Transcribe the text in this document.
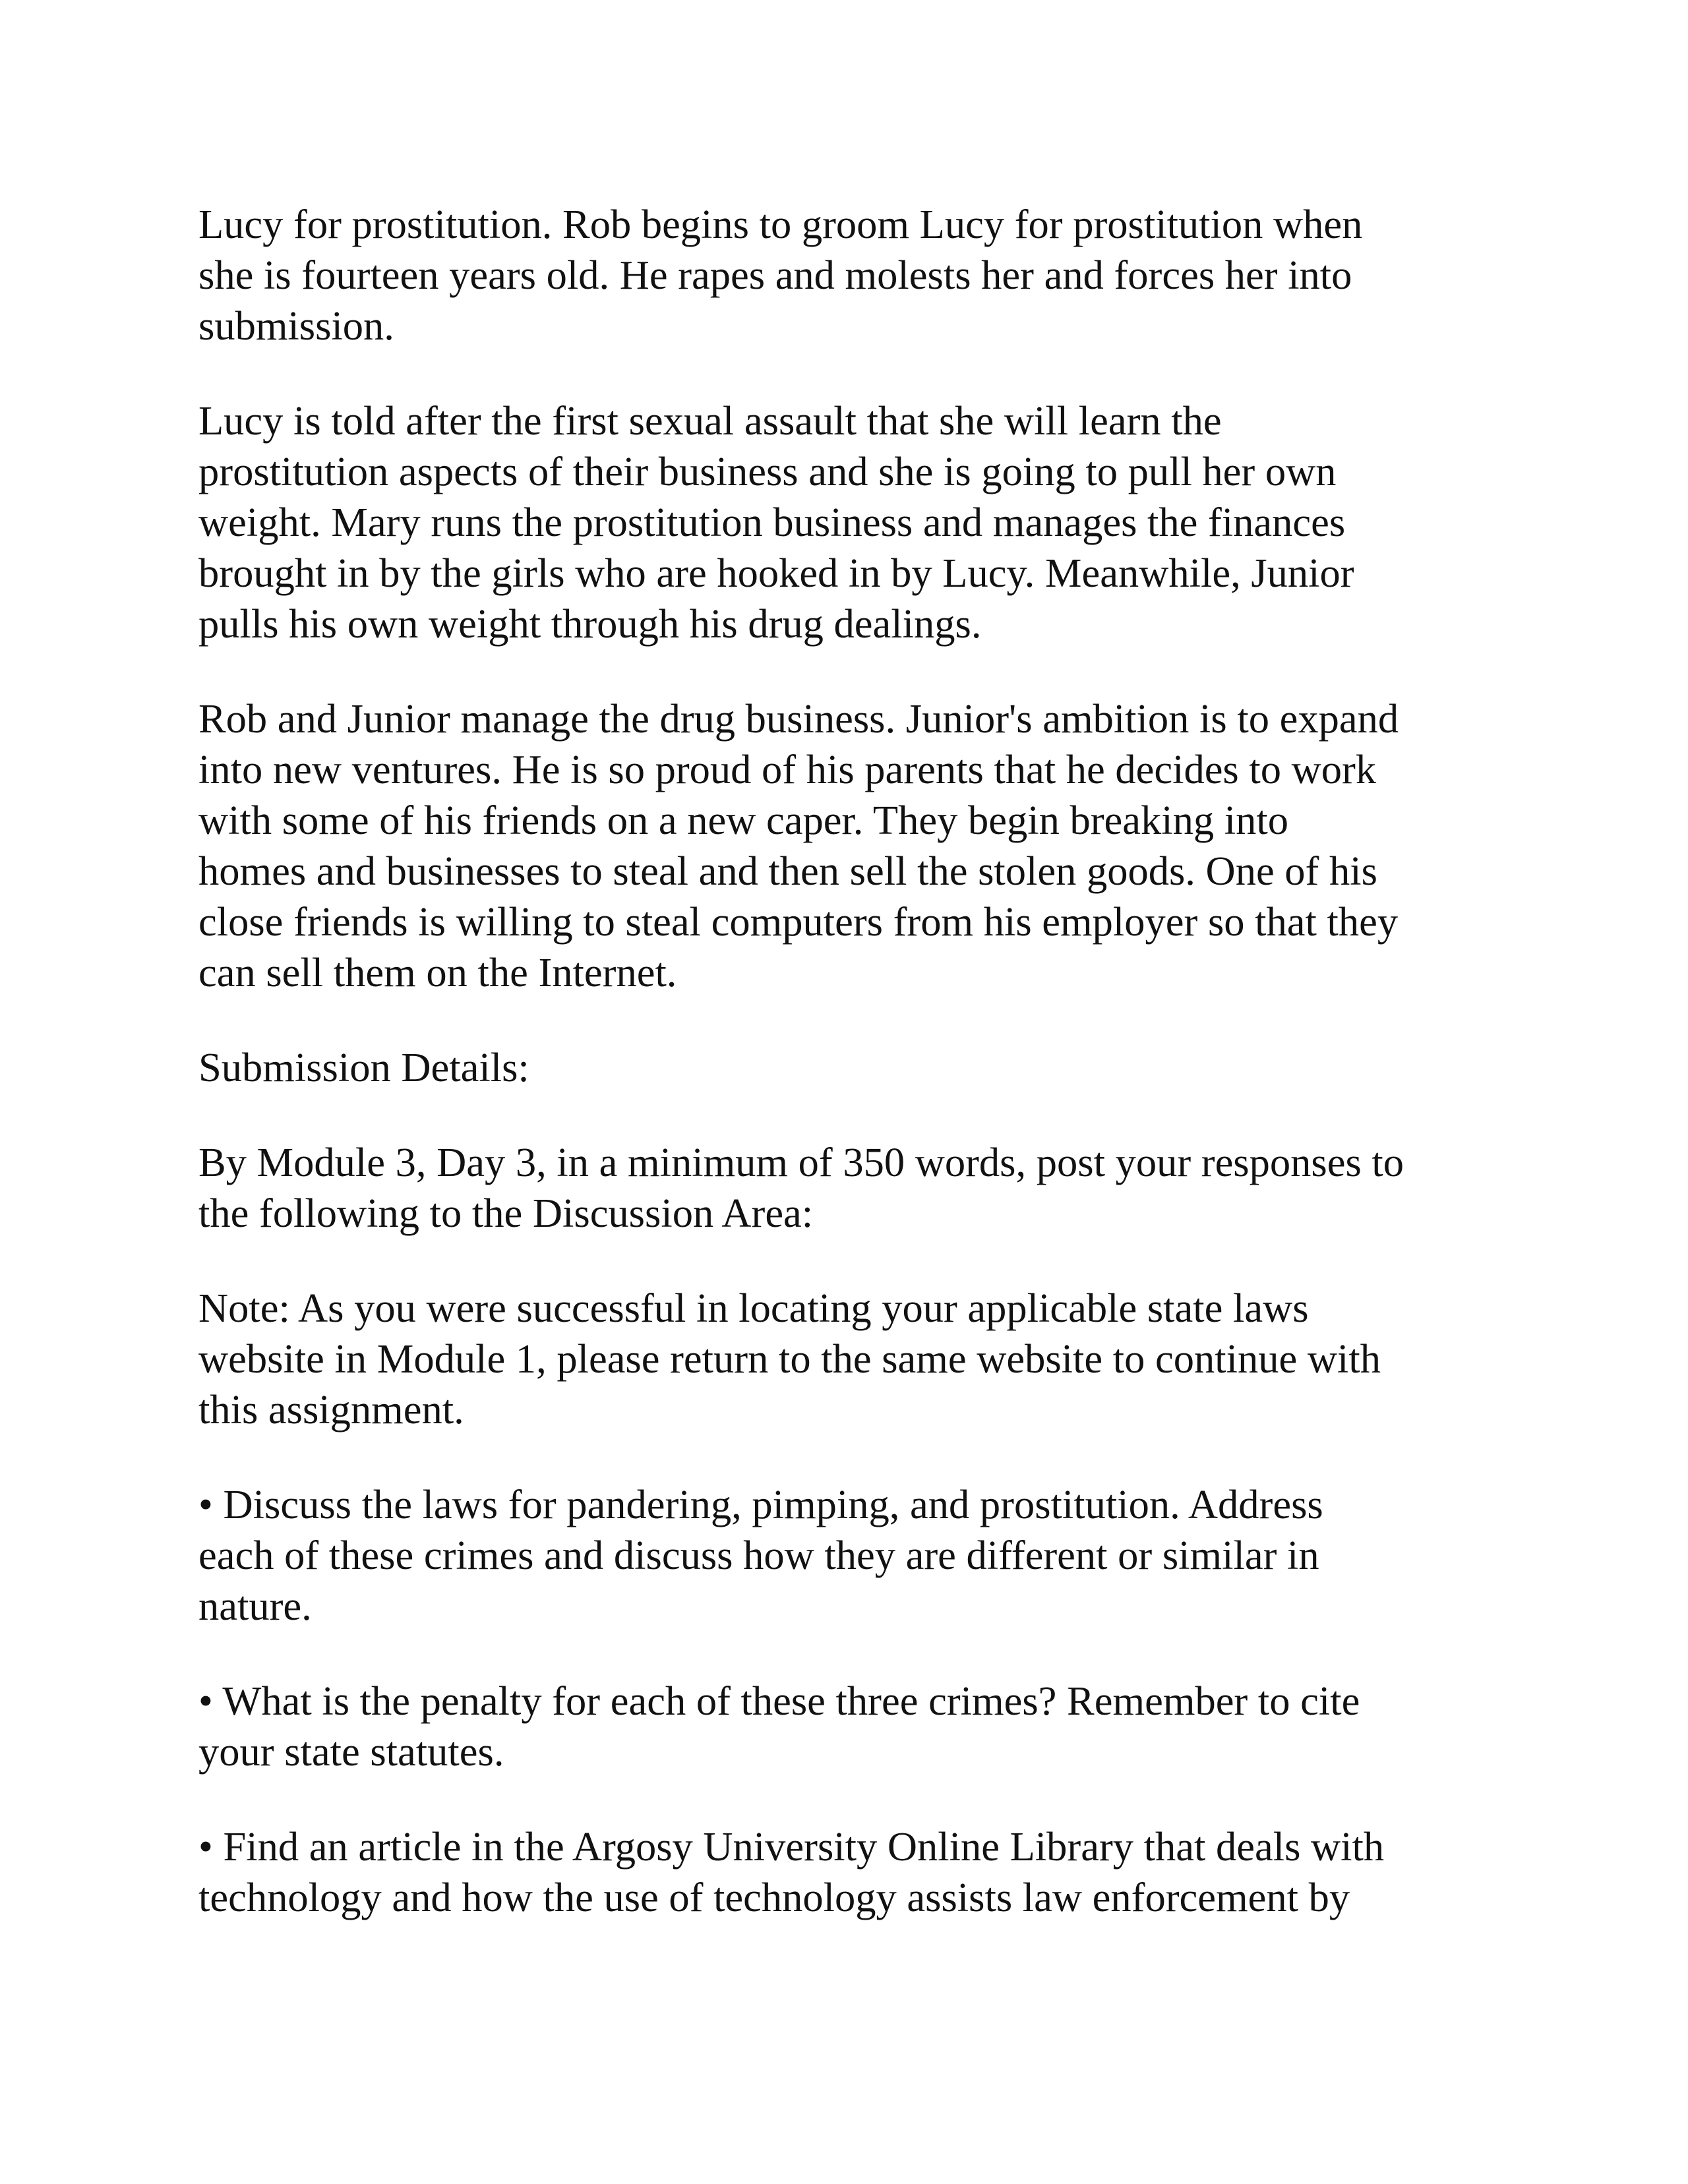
Lucy for prostitution. Rob begins to groom Lucy for prostitution when
she is fourteen years old. He rapes and molests her and forces her into
submission.

Lucy is told after the first sexual assault that she will learn the
prostitution aspects of their business and she is going to pull her own
weight. Mary runs the prostitution business and manages the finances
brought in by the girls who are hooked in by Lucy. Meanwhile, Junior
pulls his own weight through his drug dealings.

Rob and Junior manage the drug business. Junior's ambition is to expand
into new ventures. He is so proud of his parents that he decides to work
with some of his friends on a new caper. They begin breaking into
homes and businesses to steal and then sell the stolen goods. One of his
close friends is willing to steal computers from his employer so that they
can sell them on the Internet.

Submission Details:

By Module 3, Day 3, in a minimum of 350 words, post your responses to
the following to the Discussion Area:

Note: As you were successful in locating your applicable state laws
website in Module 1, please return to the same website to continue with
this assignment.

• Discuss the laws for pandering, pimping, and prostitution. Address
each of these crimes and discuss how they are different or similar in
nature.

• What is the penalty for each of these three crimes? Remember to cite
your state statutes.

• Find an article in the Argosy University Online Library that deals with
technology and how the use of technology assists law enforcement by
